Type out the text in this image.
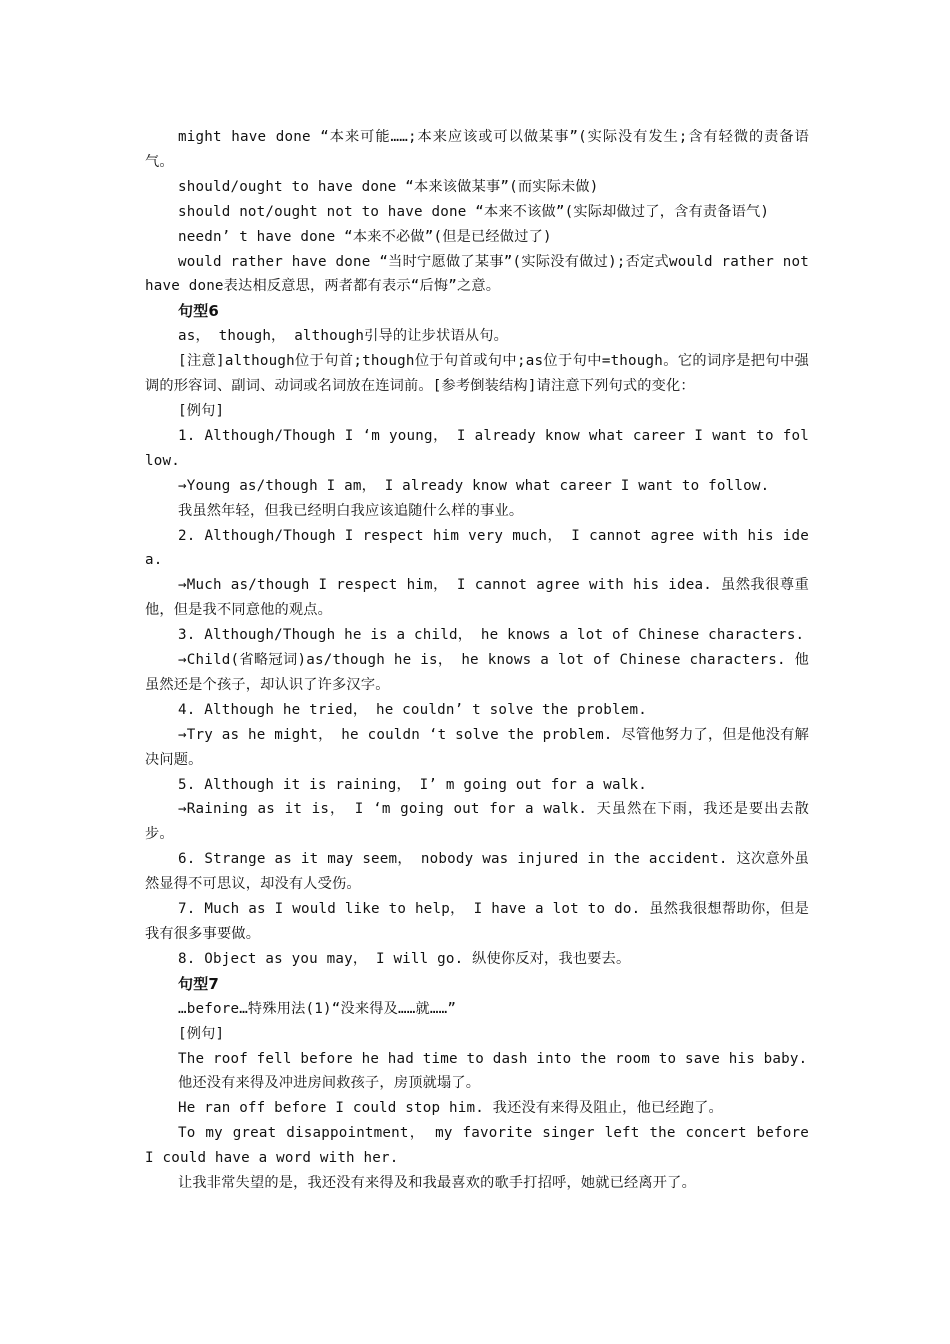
might have done “本来可能……;本来应该或可以做某事”(实际没有发生;含有轻微的责备语气。

should/ought to have done “本来该做某事”(而实际未做)

should not/ought not to have done “本来不该做”(实际却做过了，含有责备语气)

needn’ t have done “本来不必做”(但是已经做过了)

would rather have done “当时宁愿做了某事”(实际没有做过);否定式would rather not have done表达相反意思，两者都有表示“后悔”之意。

句型6

as， though， although引导的让步状语从句。

[注意]although位于句首;though位于句首或句中;as位于句中=though。它的词序是把句中强调的形容词、副词、动词或名词放在连词前。[参考倒装结构]请注意下列句式的变化：

[例句]

1. Although/Though I ‘m young， I already know what career I want to follow.

→Young as/though I am， I already know what career I want to follow.

我虽然年轻，但我已经明白我应该追随什么样的事业。

2. Although/Though I respect him very much， I cannot agree with his idea.

→Much as/though I respect him， I cannot agree with his idea. 虽然我很尊重他，但是我不同意他的观点。

3. Although/Though he is a child， he knows a lot of Chinese characters.

→Child(省略冠词)as/though he is， he knows a lot of Chinese characters. 他虽然还是个孩子，却认识了许多汉字。

4. Although he tried， he couldn’ t solve the problem.

→Try as he might， he couldn ‘t solve the problem. 尽管他努力了，但是他没有解决问题。

5. Although it is raining， I’ m going out for a walk.

→Raining as it is， I ‘m going out for a walk. 天虽然在下雨，我还是要出去散步。

6. Strange as it may seem， nobody was injured in the accident. 这次意外虽然显得不可思议，却没有人受伤。

7. Much as I would like to help， I have a lot to do. 虽然我很想帮助你，但是我有很多事要做。

8. Object as you may， I will go. 纵使你反对，我也要去。

句型7

…before…特殊用法(1)“没来得及……就……”

[例句]

The roof fell before he had time to dash into the room to save his baby.

他还没有来得及冲进房间救孩子，房顶就塌了。

He ran off before I could stop him. 我还没有来得及阻止，他已经跑了。

To my great disappointment， my favorite singer left the concert before I could have a word with her.

让我非常失望的是，我还没有来得及和我最喜欢的歌手打招呼，她就已经离开了。
